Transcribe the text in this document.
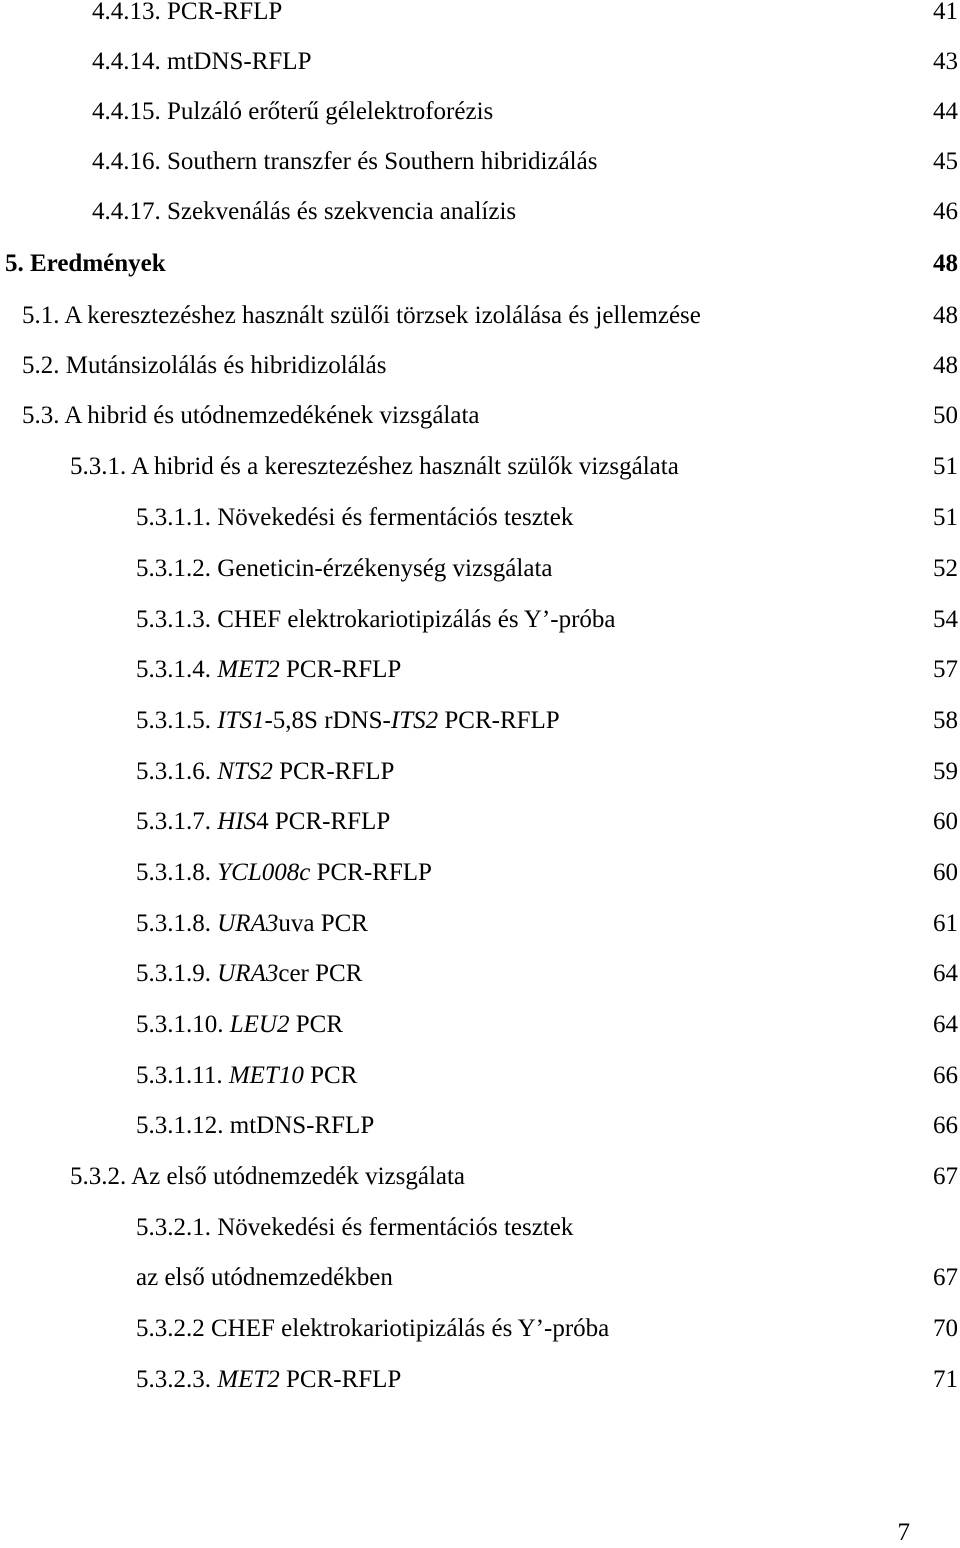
4.4.13. PCR-RFLP	41
4.4.14. mtDNS-RFLP	43
4.4.15. Pulzáló erőterű gélelektroforézis	44
4.4.16. Southern transzfer és Southern hibridizálás	45
4.4.17. Szekvenálás és szekvencia analízis	46
5. Eredmények	48
5.1. A keresztezéshez használt szülői törzsek izolálása és jellemzése	48
5.2. Mutánsizolálás és hibridizolálás	48
5.3. A hibrid és utódnemzedékének vizsgálata	50
5.3.1. A hibrid és a keresztezéshez használt szülők vizsgálata	51
5.3.1.1. Növekedési és fermentációs tesztek	51
5.3.1.2. Geneticin-érzékenység vizsgálata	52
5.3.1.3. CHEF elektrokariotipizálás és Y’-próba	54
5.3.1.4. MET2 PCR-RFLP	57
5.3.1.5. ITS1-5,8S rDNS-ITS2 PCR-RFLP	58
5.3.1.6. NTS2 PCR-RFLP	59
5.3.1.7. HIS4 PCR-RFLP	60
5.3.1.8. YCL008c PCR-RFLP	60
5.3.1.8. URA3uva PCR	61
5.3.1.9. URA3cer PCR	64
5.3.1.10. LEU2 PCR	64
5.3.1.11. MET10 PCR	66
5.3.1.12. mtDNS-RFLP	66
5.3.2. Az első utódnemzedék vizsgálata	67
5.3.2.1. Növekedési és fermentációs tesztek
az első utódnemzedékben	67
5.3.2.2 CHEF elektrokariotipizálás és Y’-próba	70
5.3.2.3. MET2 PCR-RFLP	71
7
